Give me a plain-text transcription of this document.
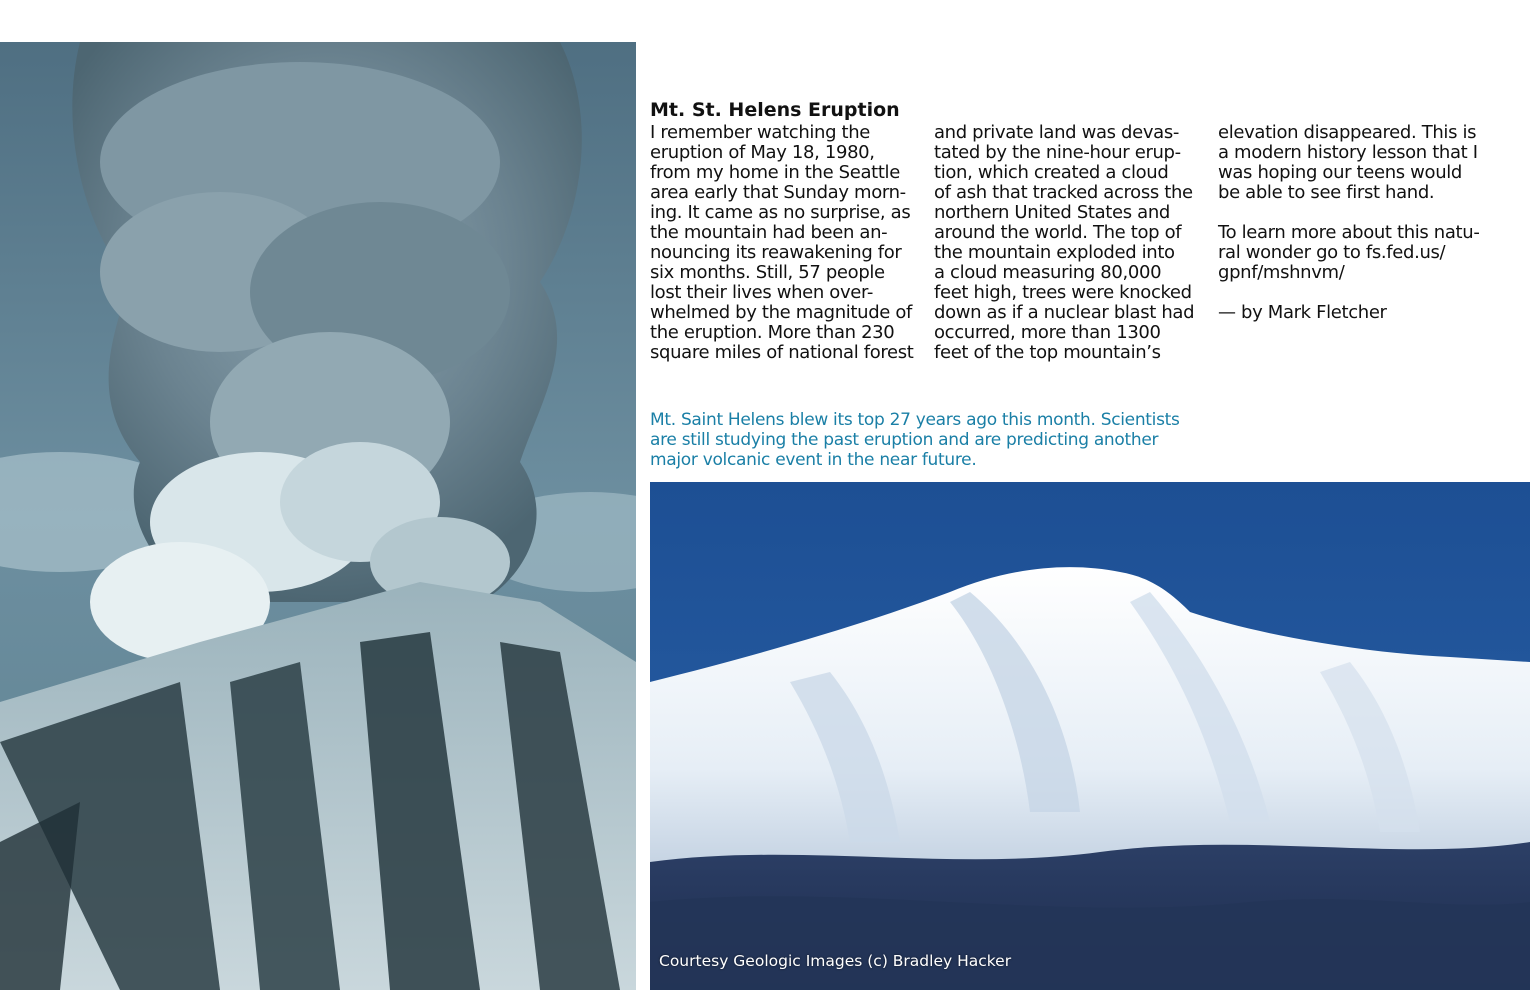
Mt. St. Helens Eruption
I remember watching the
eruption of May 18, 1980,
from my home in the Seattle
area early that Sunday morn-
ing. It came as no surprise, as
the mountain had been an-
nouncing its reawakening for
six months. Still, 57 people
lost their lives when over-
whelmed by the magnitude of
the eruption. More than 230
square miles of national forest
and private land was devas-
tated by the nine-hour erup-
tion, which created a cloud
of ash that tracked across the
northern United States and
around the world. The top of
the mountain exploded into
a cloud measuring 80,000
feet high, trees were knocked
down as if a nuclear blast had
occurred, more than 1300
feet of the top mountain’s
elevation disappeared. This is
a modern history lesson that I
was hoping our teens would
be able to see first hand.
To learn more about this natu-
ral wonder go to fs.fed.us/
gpnf/mshnvm/
— by Mark Fletcher
Mt. Saint Helens blew its top 27 years ago this month. Scientists
are still studying the past eruption and are predicting another
major volcanic event in the near future.
Courtesy Geologic Images (c) Bradley Hacker
